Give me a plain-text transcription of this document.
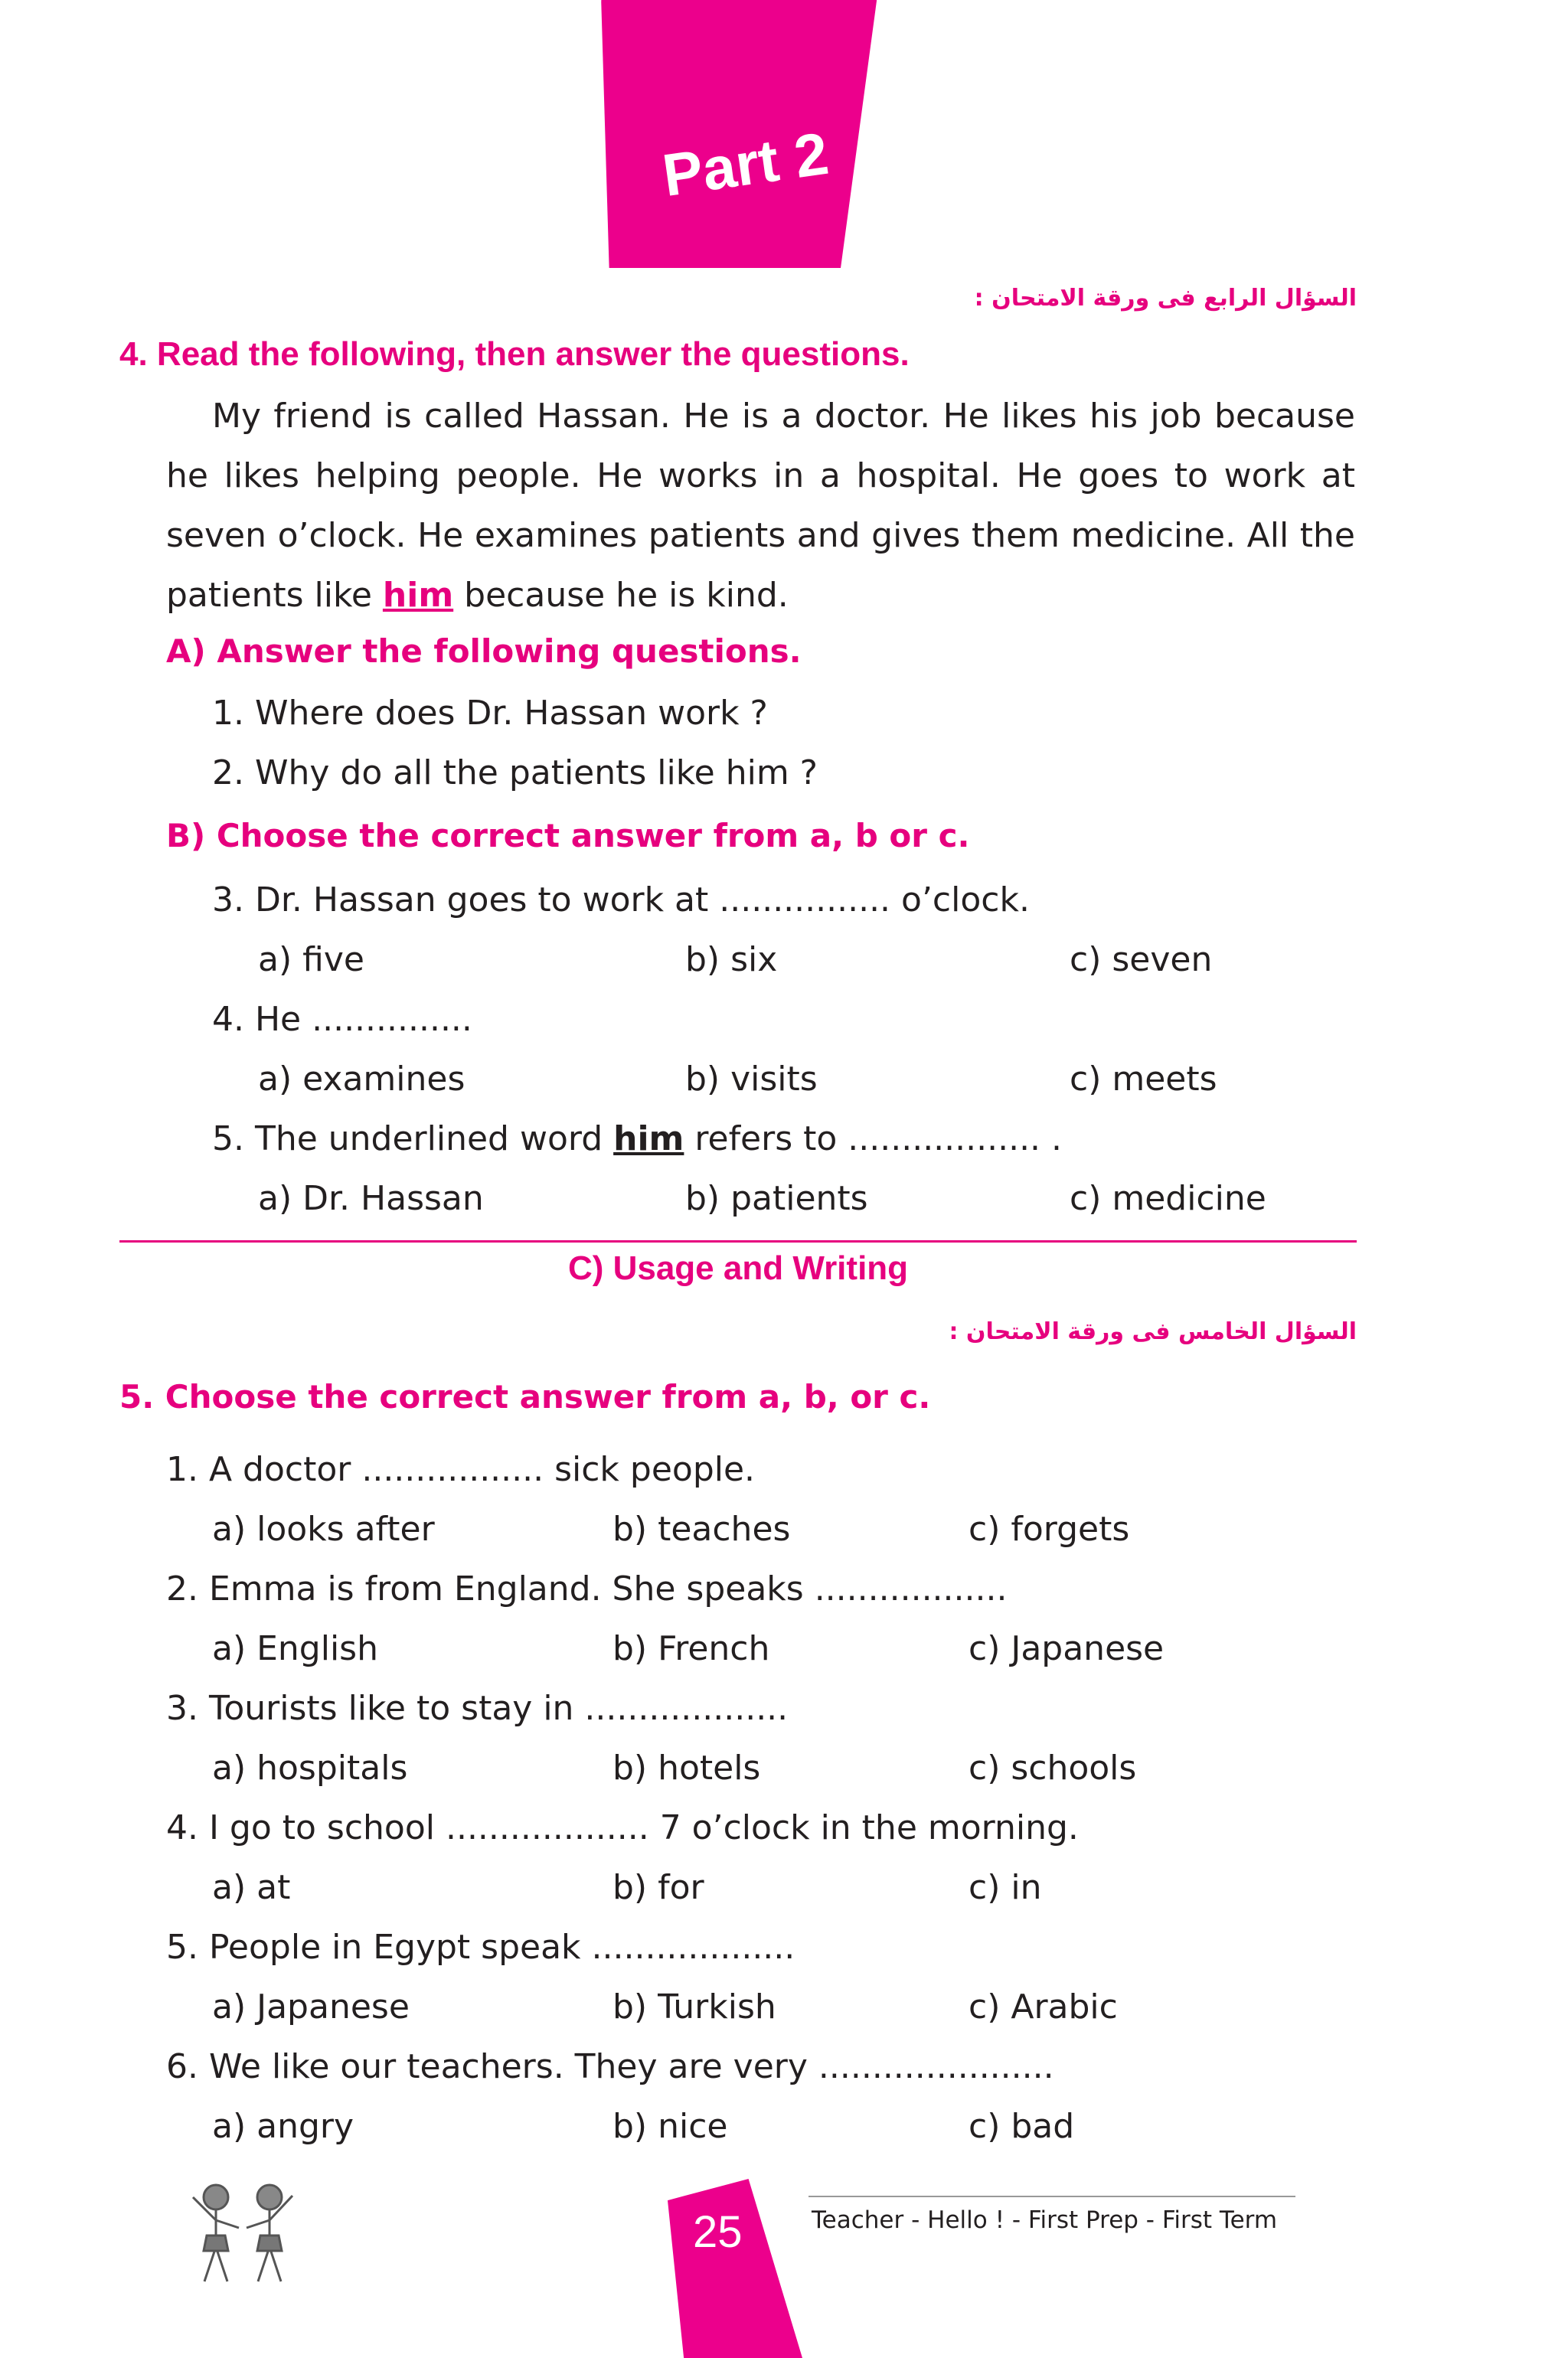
Part 2
السؤال الرابع فى ورقة الامتحان :
4. Read the following, then answer the questions.
My friend is called Hassan. He is a doctor. He likes his job because he likes helping people. He works in a hospital. He goes to work at seven o’clock. He examines patients and gives them medicine. All the patients like him because he is kind.
A) Answer the following questions.
1. Where does Dr. Hassan work ?
2. Why do all the patients like him ?
B) Choose the correct answer from a, b or c.
3. Dr. Hassan goes to work at ................ o’clock.
a) five	b) six	c) seven
4. He ...............
a) examines	b) visits	c) meets
5. The underlined word him refers to .................. .
a) Dr. Hassan	b) patients	c) medicine
C) Usage and Writing
السؤال الخامس فى ورقة الامتحان :
5. Choose the correct answer from a, b, or c.
1. A doctor ................. sick people.
a) looks after	b) teaches	c) forgets
2. Emma is from England. She speaks ..................
a) English	b) French	c) Japanese
3. Tourists like to stay in ...................
a) hospitals	b) hotels	c) schools
4. I go to school ................... 7 o’clock in the morning.
a) at	b) for	c) in
5. People in Egypt speak ...................
a) Japanese	b) Turkish	c) Arabic
6. We like our teachers. They are very ......................
a) angry	b) nice	c) bad
25	Teacher - Hello ! - First Prep - First Term
